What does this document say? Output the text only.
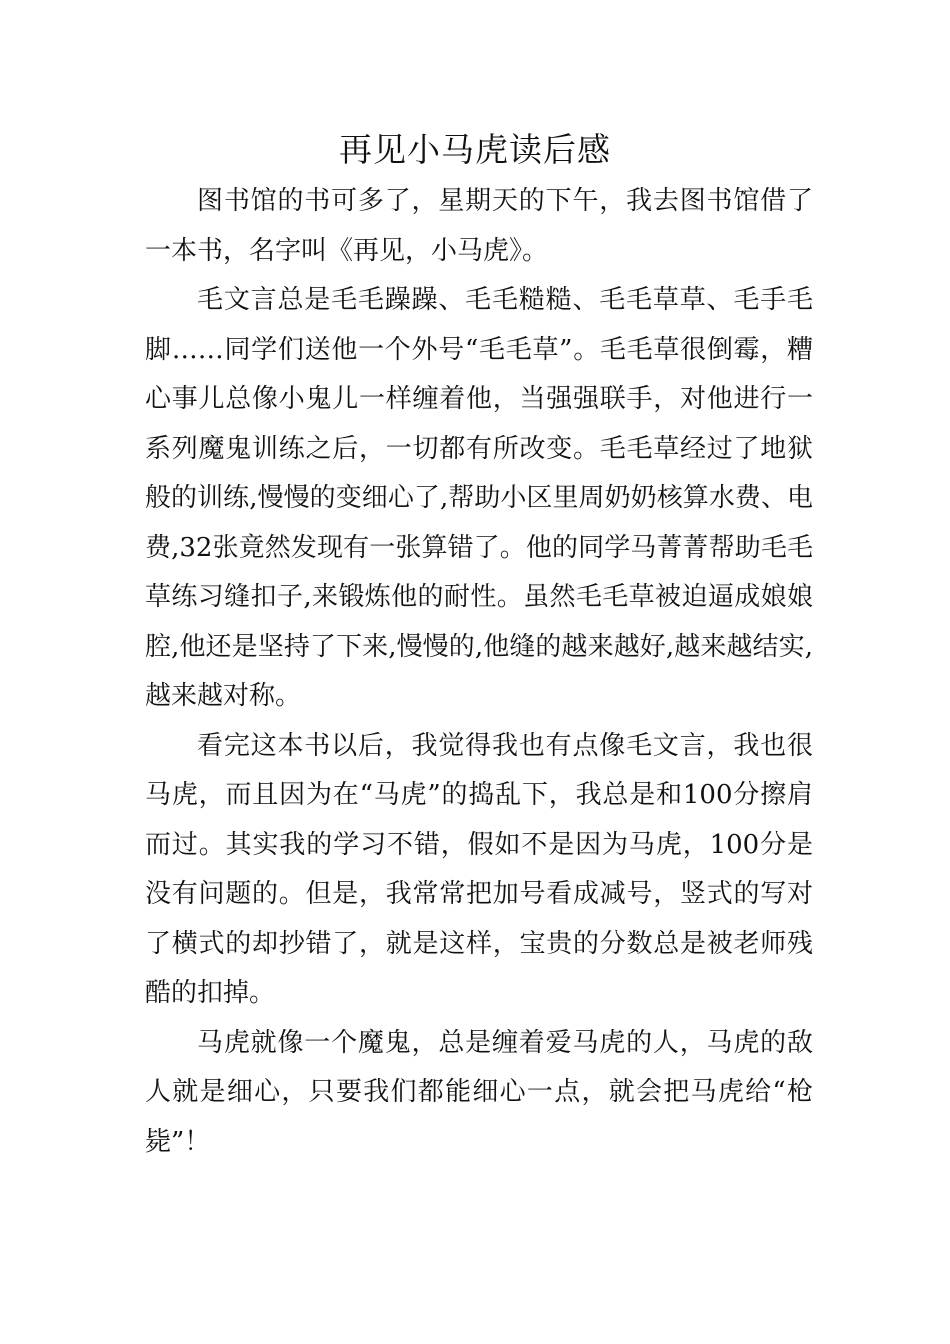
再见小马虎读后感

图书馆的书可多了，星期天的下午，我去图书馆借了一本书，名字叫《再见，小马虎》。

毛文言总是毛毛躁躁、毛毛糙糙、毛毛草草、毛手毛脚……同学们送他一个外号“毛毛草”。毛毛草很倒霉，糟心事儿总像小鬼儿一样缠着他，当强强联手，对他进行一系列魔鬼训练之后，一切都有所改变。毛毛草经过了地狱般的训练,慢慢的变细心了,帮助小区里周奶奶核算水费、电费,32张竟然发现有一张算错了。他的同学马菁菁帮助毛毛草练习缝扣子,来锻炼他的耐性。虽然毛毛草被迫逼成娘娘腔,他还是坚持了下来,慢慢的,他缝的越来越好,越来越结实,越来越对称。

看完这本书以后，我觉得我也有点像毛文言，我也很马虎，而且因为在“马虎”的捣乱下，我总是和100分擦肩而过。其实我的学习不错，假如不是因为马虎，100分是没有问题的。但是，我常常把加号看成减号，竖式的写对了横式的却抄错了，就是这样，宝贵的分数总是被老师残酷的扣掉。

马虎就像一个魔鬼，总是缠着爱马虎的人，马虎的敌人就是细心，只要我们都能细心一点，就会把马虎给“枪毙”！
